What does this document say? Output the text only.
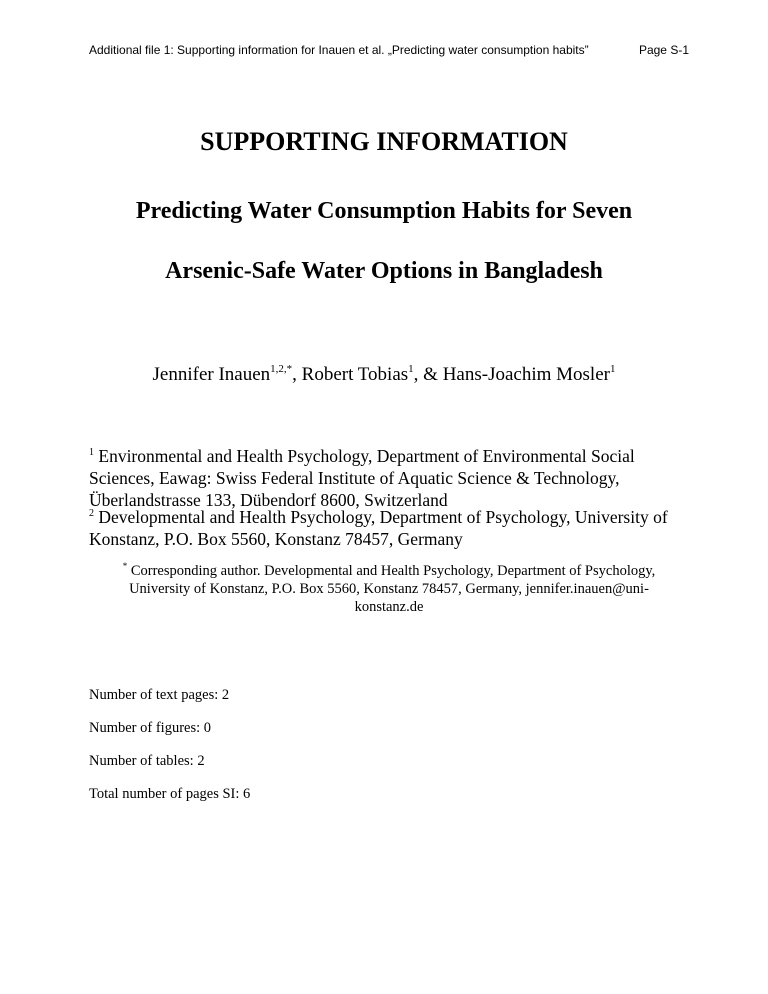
Additional file 1: Supporting information for Inauen et al. „Predicting water consumption habits”	Page S-1
SUPPORTING INFORMATION
Predicting Water Consumption Habits for Seven
Arsenic-Safe Water Options in Bangladesh
Jennifer Inauen$^{1,2,*}$, Robert Tobias$^1$, & Hans-Joachim Mosler$^1$
$^1$ Environmental and Health Psychology, Department of Environmental Social Sciences, Eawag: Swiss Federal Institute of Aquatic Science & Technology, Überlandstrasse 133, Dübendorf 8600, Switzerland
$^2$ Developmental and Health Psychology, Department of Psychology, University of Konstanz, P.O. Box 5560, Konstanz 78457, Germany
* Corresponding author. Developmental and Health Psychology, Department of Psychology, University of Konstanz, P.O. Box 5560, Konstanz 78457, Germany, jennifer.inauen@uni-konstanz.de
Number of text pages: 2
Number of figures: 0
Number of tables: 2
Total number of pages SI: 6
